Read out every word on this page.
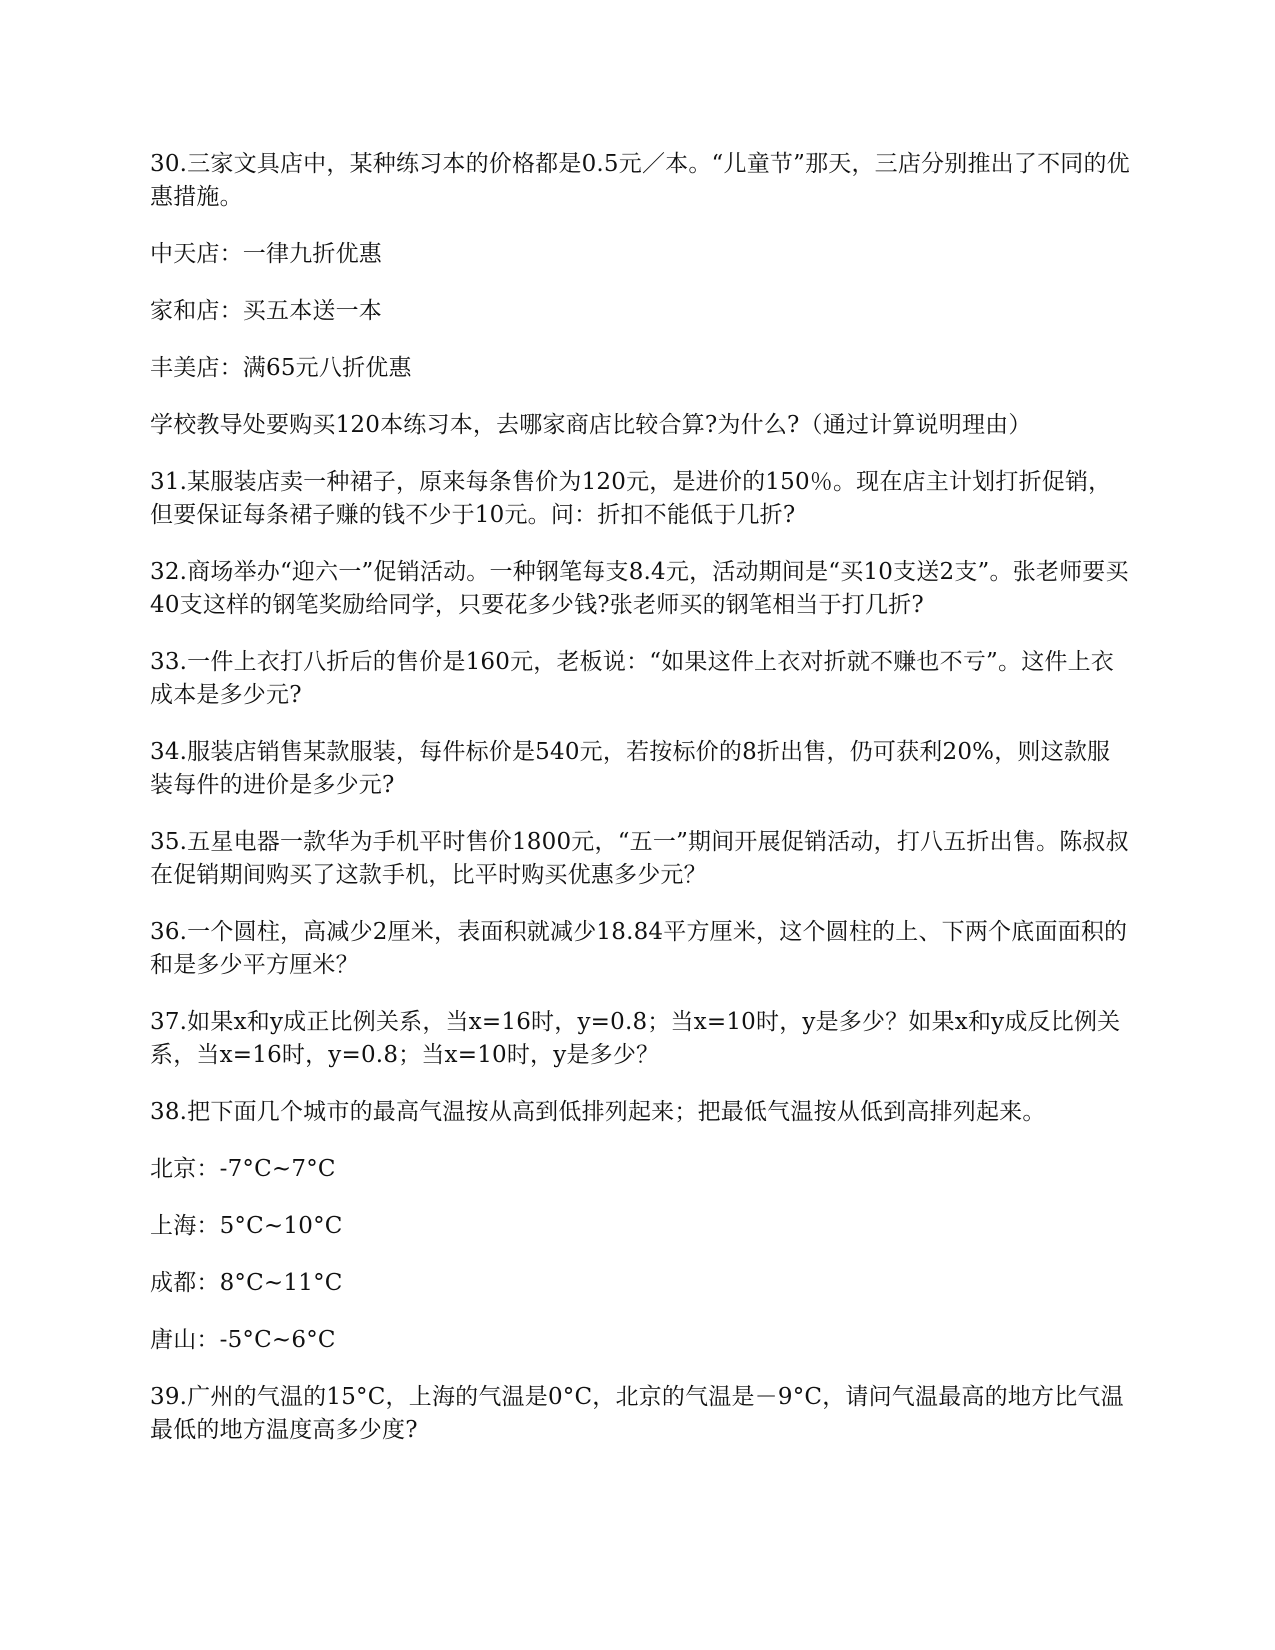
30.三家文具店中，某种练习本的价格都是0.5元／本。“儿童节”那天，三店分别推出了不同的优惠措施。

中天店：一律九折优惠

家和店：买五本送一本

丰美店：满65元八折优惠

学校教导处要购买120本练习本，去哪家商店比较合算?为什么?（通过计算说明理由）

31.某服装店卖一种裙子，原来每条售价为120元，是进价的150％。现在店主计划打折促销，但要保证每条裙子赚的钱不少于10元。问：折扣不能低于几折?

32.商场举办“迎六一”促销活动。一种钢笔每支8.4元，活动期间是“买10支送2支”。张老师要买40支这样的钢笔奖励给同学，只要花多少钱?张老师买的钢笔相当于打几折?

33.一件上衣打八折后的售价是160元，老板说：“如果这件上衣对折就不赚也不亏”。这件上衣成本是多少元?

34.服装店销售某款服装，每件标价是540元，若按标价的8折出售，仍可获利20%，则这款服装每件的进价是多少元?

35.五星电器一款华为手机平时售价1800元，“五一”期间开展促销活动，打八五折出售。陈叔叔在促销期间购买了这款手机，比平时购买优惠多少元？

36.一个圆柱，高减少2厘米，表面积就减少18.84平方厘米，这个圆柱的上、下两个底面面积的和是多少平方厘米？

37.如果x和y成正比例关系，当x=16时，y=0.8；当x=10时，y是多少？如果x和y成反比例关系，当x=16时，y=0.8；当x=10时，y是多少？

38.把下面几个城市的最高气温按从高到低排列起来；把最低气温按从低到高排列起来。

北京：-7°C~7°C

上海：5°C~10°C

成都：8°C~11°C

唐山：-5°C~6°C

39.广州的气温的15°C，上海的气温是0°C，北京的气温是－9°C，请问气温最高的地方比气温最低的地方温度高多少度?
